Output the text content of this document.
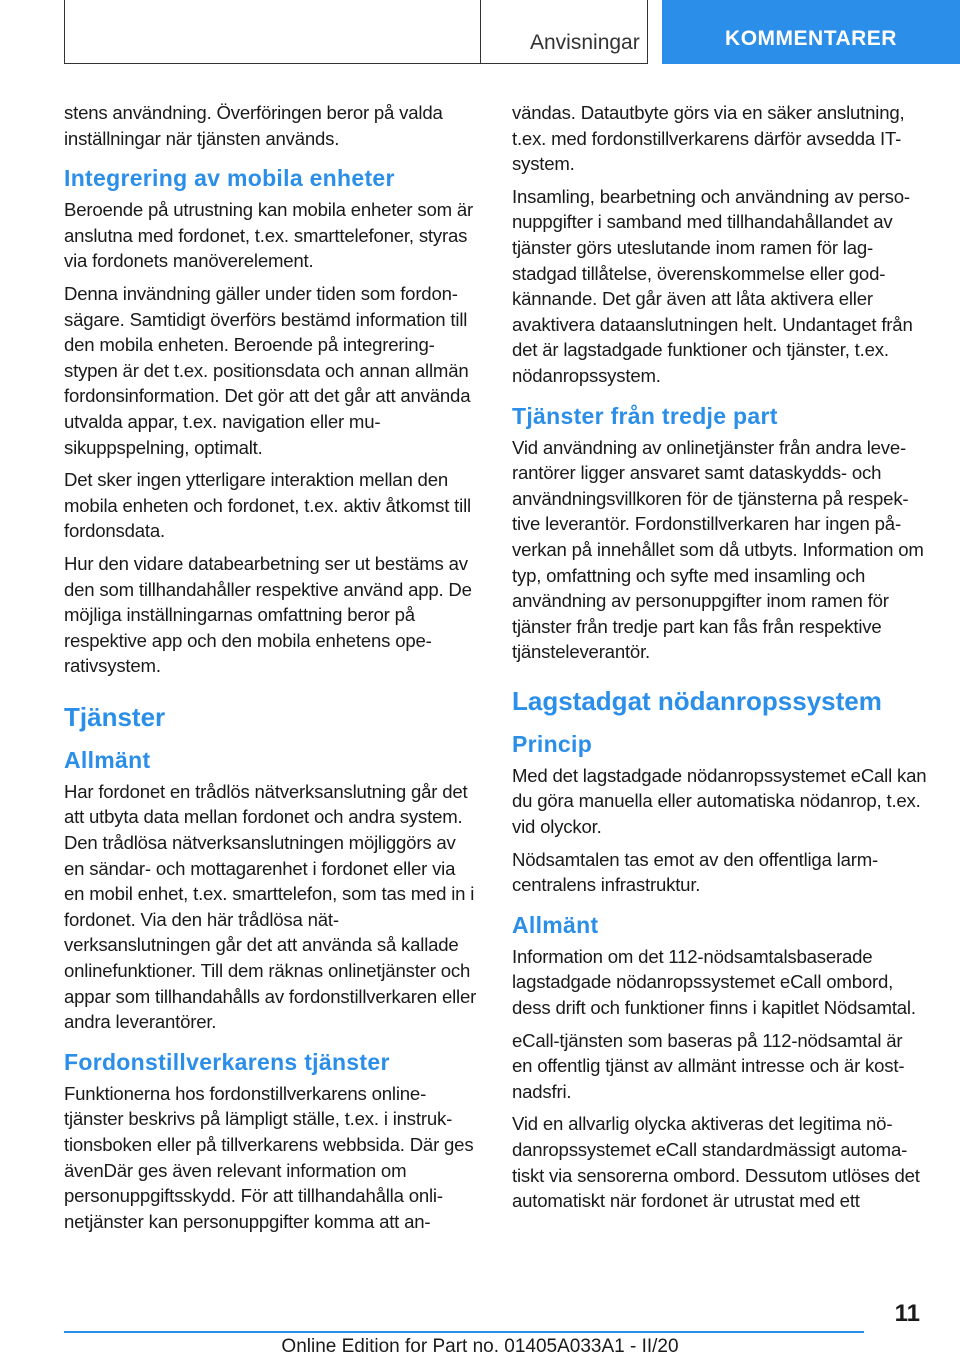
Anvisningar	KOMMENTARER

stens användning. Överföringen beror på valda inställningar när tjänsten används.

Integrering av mobila enheter

Beroende på utrustning kan mobila enheter som är anslutna med fordonet, t.ex. smarttelefoner, styras via fordonets manöverelement.

Denna invändning gäller under tiden som fordonsägare. Samtidigt överförs bestämd information till den mobila enheten. Beroende på integreringstypen är det t.ex. positionsdata och annan allmän fordonsinformation. Det gör att det går att använda utvalda appar, t.ex. navigation eller musikuppspelning, optimalt.

Det sker ingen ytterligare interaktion mellan den mobila enheten och fordonet, t.ex. aktiv åtkomst till fordonsdata.

Hur den vidare databearbetning ser ut bestäms av den som tillhandahåller respektive använd app. De möjliga inställningarnas omfattning beror på respektive app och den mobila enhetens operativsystem.

Tjänster
Allmänt

Har fordonet en trådlös nätverksanslutning går det att utbyta data mellan fordonet och andra system. Den trådlösa nätverksanslutningen möjliggörs av en sändar- och mottagarenhet i fordonet eller via en mobil enhet, t.ex. smarttelefon, som tas med in i fordonet. Via den här trådlösa nätverksanslutningen går det att använda så kallade onlinefunktioner. Till dem räknas onlinetjänster och appar som tillhandahålls av fordonstillverkaren eller andra leverantörer.

Fordonstillverkarens tjänster

Funktionerna hos fordonstillverkarens onlinetjänster beskrivs på lämpligt ställe, t.ex. i instruktionsboken eller på tillverkarens webbsida. Där ges ävenDär ges även relevant information om personuppgiftsskydd. För att tillhandahålla onlinetjänster kan personuppgifter komma att an-

vändas. Datautbyte görs via en säker anslutning, t.ex. med fordonstillverkarens därför avsedda IT-system.

Insamling, bearbetning och användning av personuppgifter i samband med tillhandahållandet av tjänster görs uteslutande inom ramen för lagstadgad tillåtelse, överenskommelse eller godkännande. Det går även att låta aktivera eller avaktivera dataanslutningen helt. Undantaget från det är lagstadgade funktioner och tjänster, t.ex. nödanropssystem.

Tjänster från tredje part

Vid användning av onlinetjänster från andra leverantörer ligger ansvaret samt dataskydds- och användningsvillkoren för de tjänsterna på respektive leverantör. Fordonstillverkaren har ingen påverkan på innehållet som då utbyts. Information om typ, omfattning och syfte med insamling och användning av personuppgifter inom ramen för tjänster från tredje part kan fås från respektive tjänsteleverantör.

Lagstadgat nödanropssystem
Princip

Med det lagstadgade nödanropssystemet eCall kan du göra manuella eller automatiska nödanrop, t.ex. vid olyckor.

Nödsamtalen tas emot av den offentliga larmcentralens infrastruktur.

Allmänt

Information om det 112-nödsamtalsbaserade lagstadgade nödanropssystemet eCall ombord, dess drift och funktioner finns i kapitlet Nödsamtal.

eCall-tjänsten som baseras på 112-nödsamtal är en offentlig tjänst av allmänt intresse och är kostnadsfri.

Vid en allvarlig olycka aktiveras det legitima nödanropssystemet eCall standardmässigt automatiskt via sensorerna ombord. Dessutom utlöses det automatiskt när fordonet är utrustat med ett

11
Online Edition for Part no. 01405A033A1 - II/20
